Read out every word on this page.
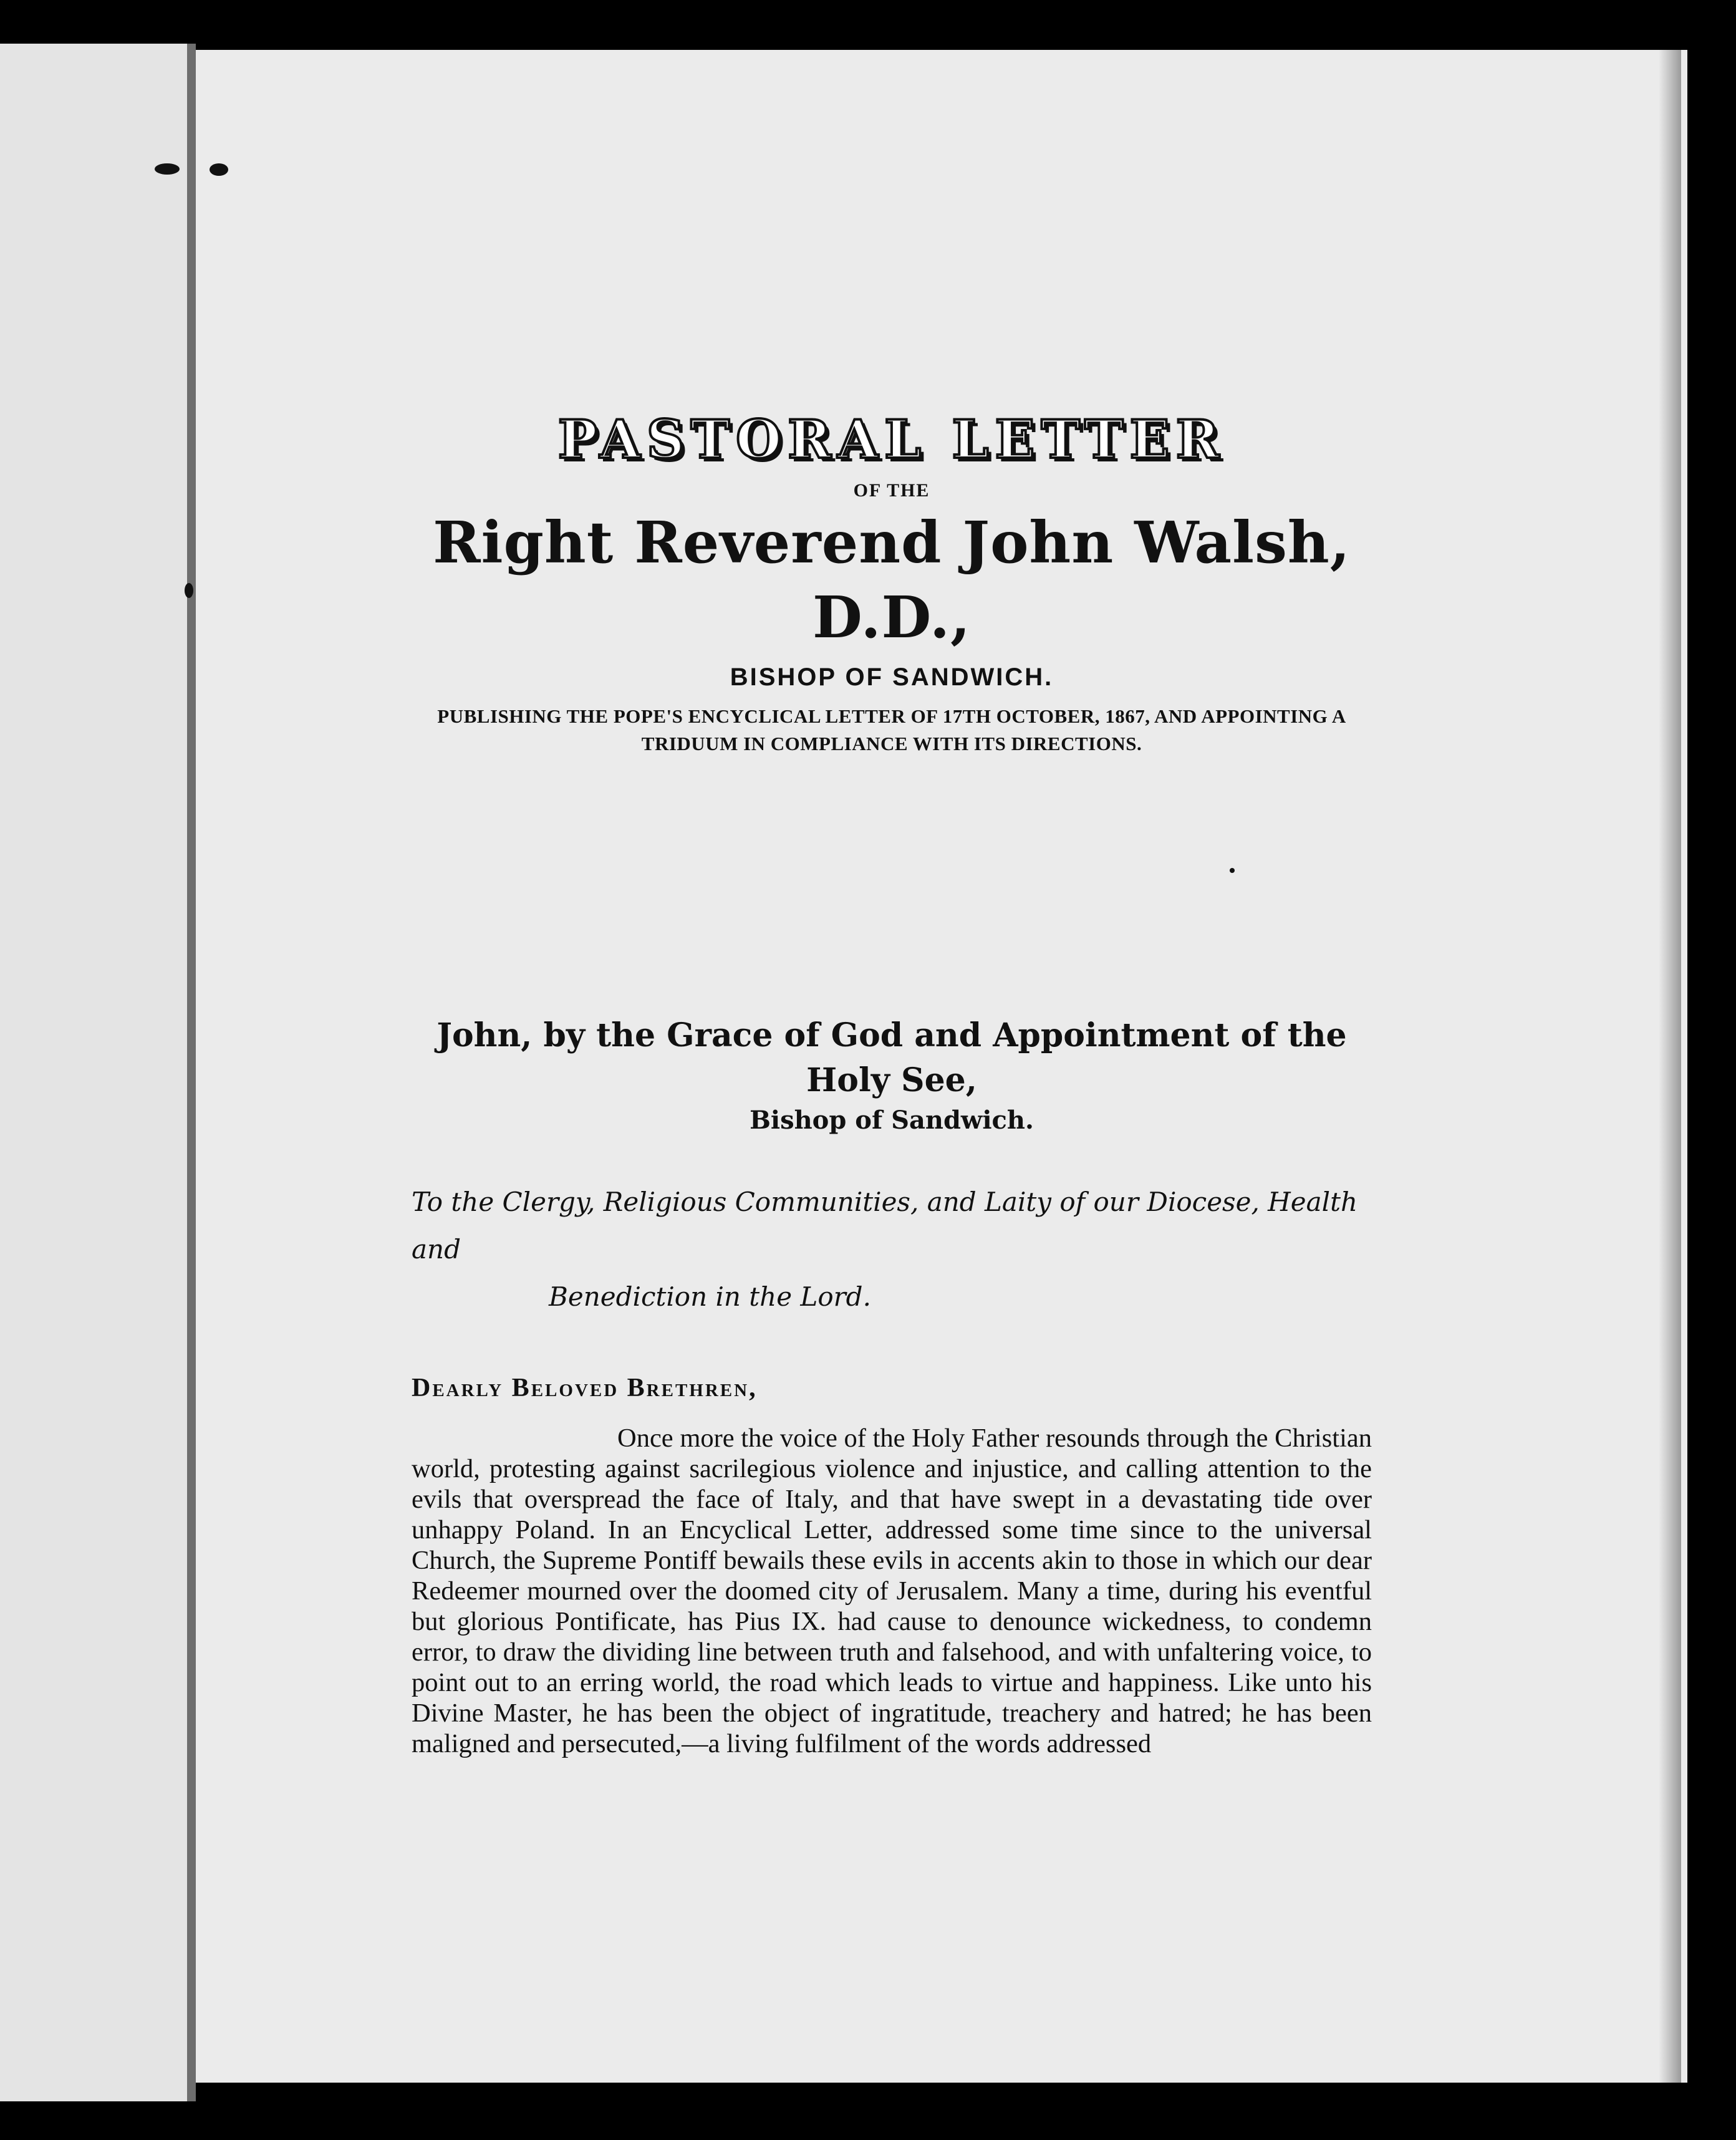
PASTORAL LETTER
OF THE
Right Reverend John Walsh, D.D.,
BISHOP OF SANDWICH.
PUBLISHING THE POPE'S ENCYCLICAL LETTER OF 17TH OCTOBER, 1867, AND APPOINTING A TRIDUUM IN COMPLIANCE WITH ITS DIRECTIONS.
John, by the Grace of God and Appointment of the Holy See,
Bishop of Sandwich.
To the Clergy, Religious Communities, and Laity of our Diocese, Health and
Benediction in the Lord.
Dearly Beloved Brethren,
Once more the voice of the Holy Father resounds through the Christian world, protesting against sacrilegious violence and injustice, and calling attention to the evils that overspread the face of Italy, and that have swept in a devastating tide over unhappy Poland. In an Encyclical Letter, addressed some time since to the universal Church, the Supreme Pontiff bewails these evils in accents akin to those in which our dear Redeemer mourned over the doomed city of Jerusalem. Many a time, during his eventful but glorious Pontificate, has Pius IX. had cause to denounce wickedness, to condemn error, to draw the dividing line between truth and falsehood, and with unfaltering voice, to point out to an erring world, the road which leads to virtue and happiness. Like unto his Divine Master, he has been the object of ingratitude, treachery and hatred; he has been maligned and persecuted,—a living fulfilment of the words addressed
